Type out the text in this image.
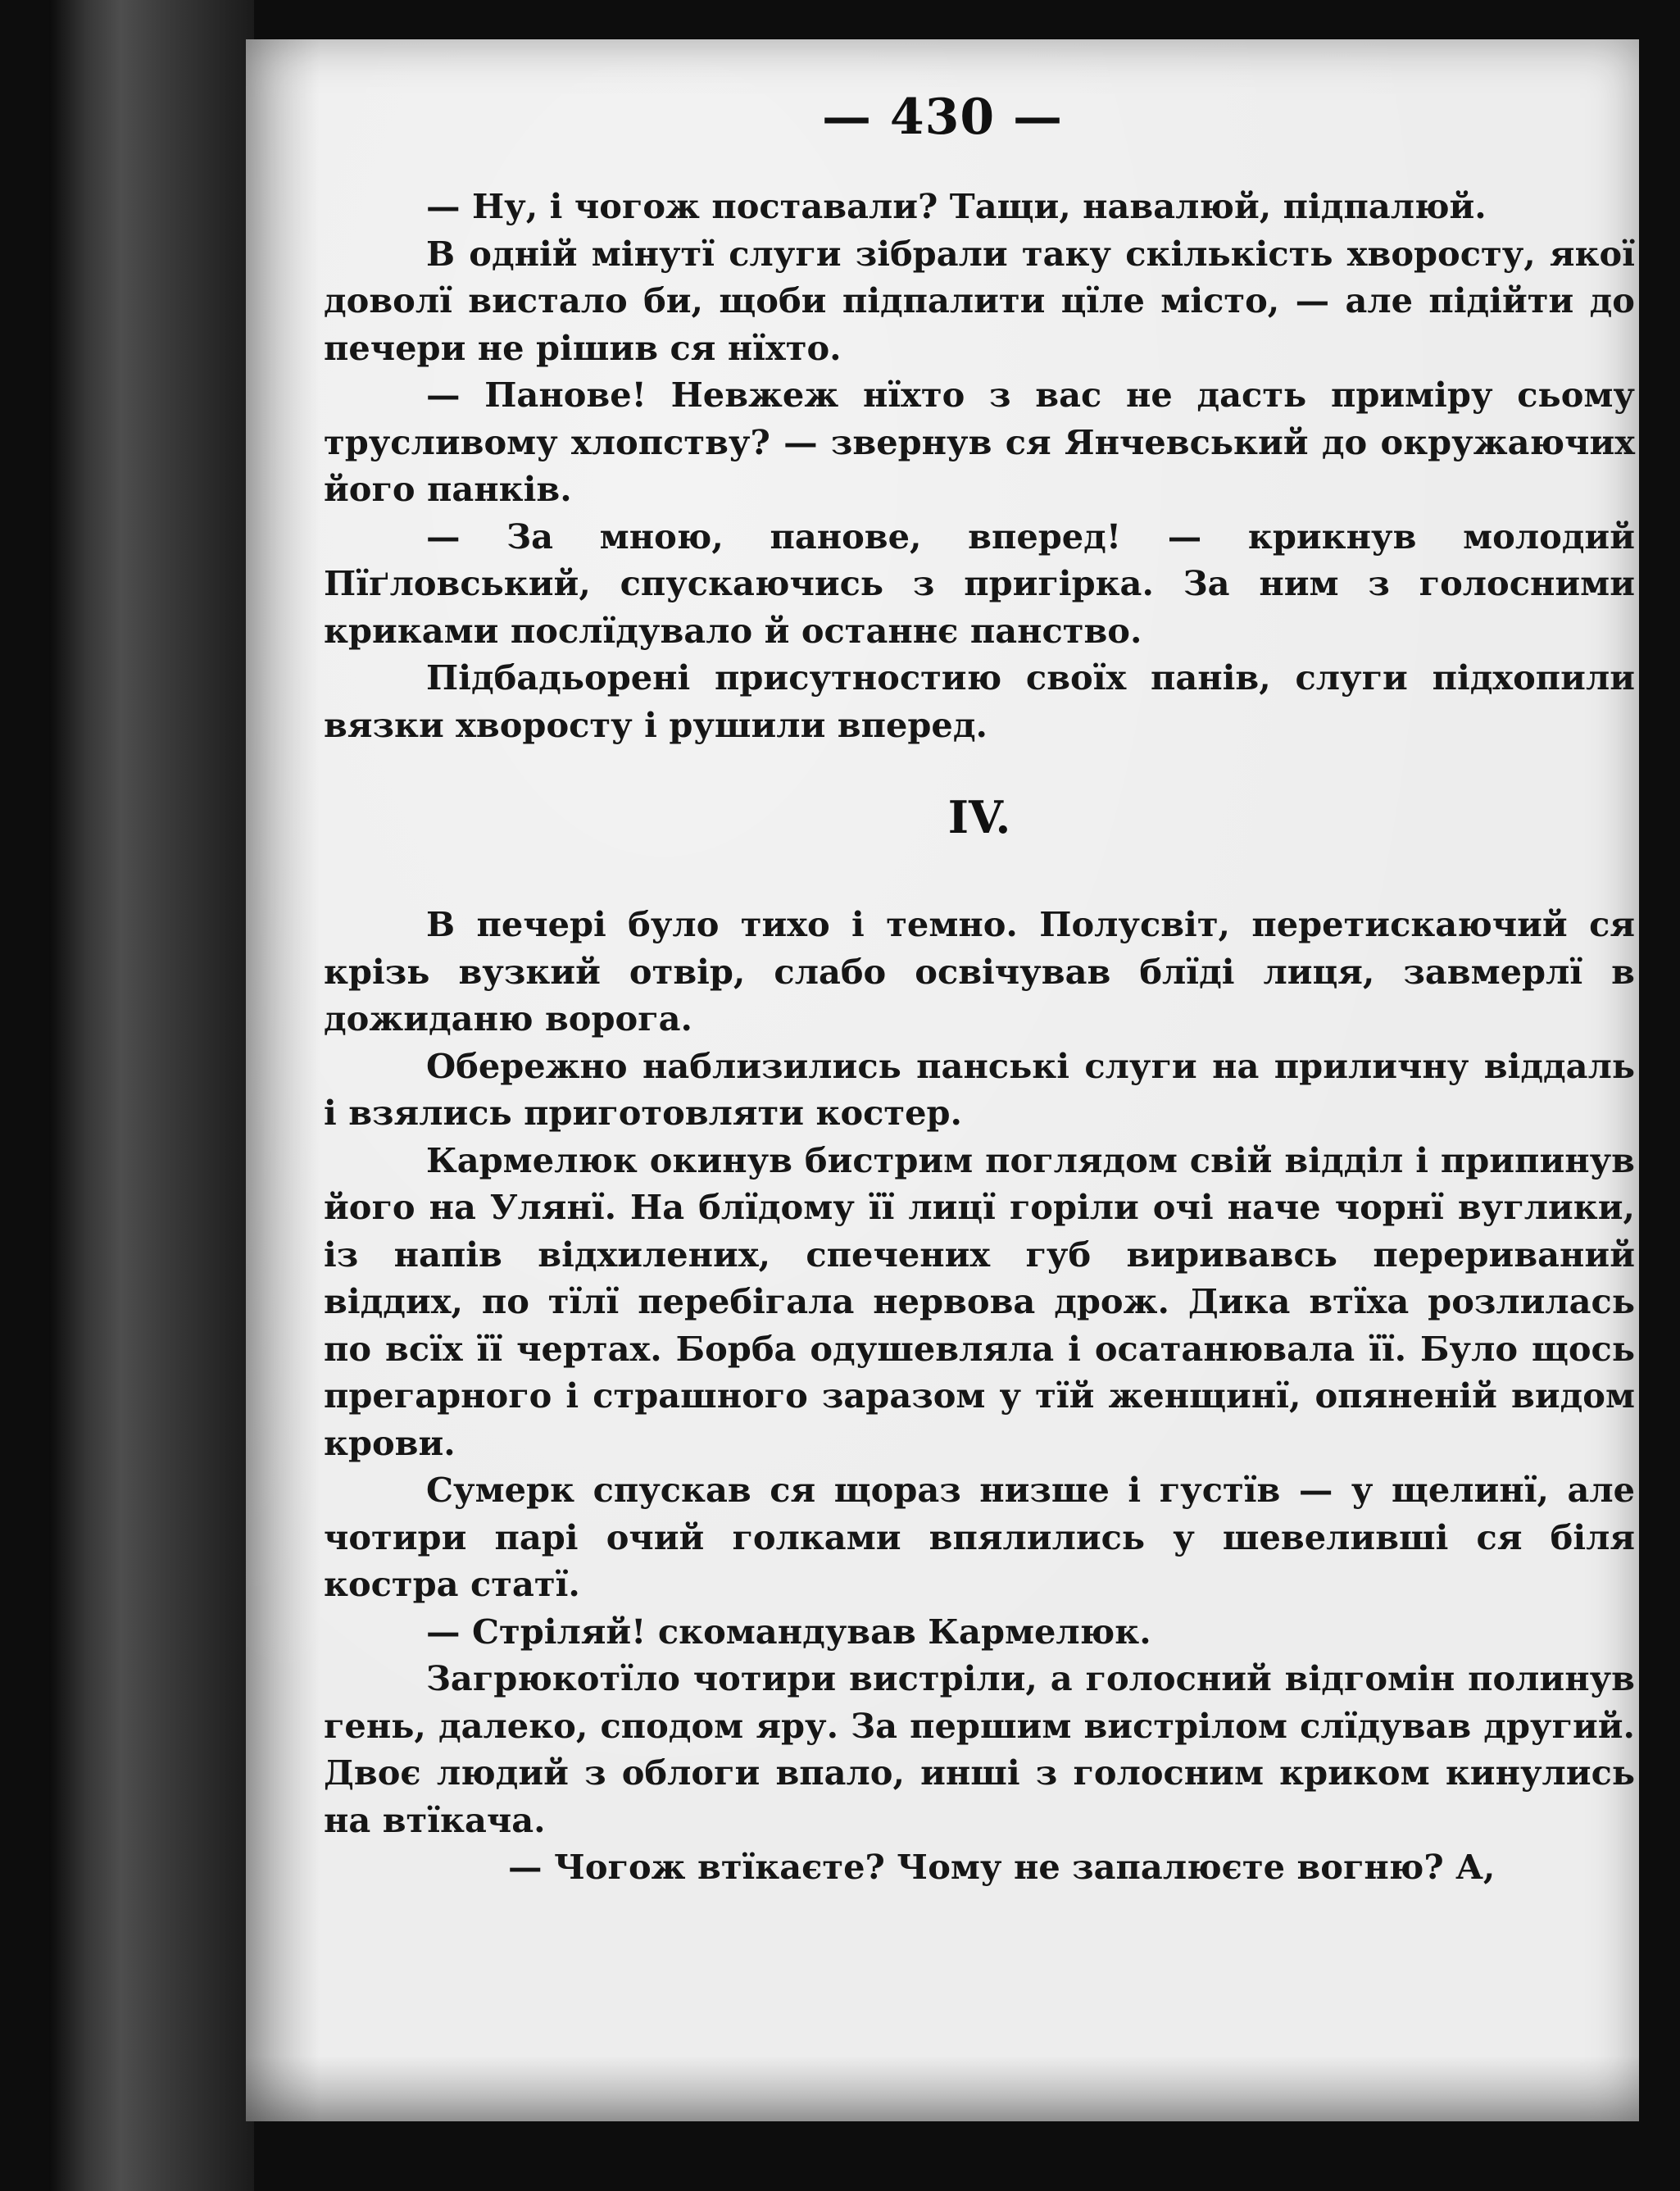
— 430 —

— Ну, і чогож поставали? Тащи, навалюй, підпалюй.

В одній мінутї слуги зібрали таку скількість хворосту, якої доволї вистало би, щоби підпалити цїле місто, — але підійти до печери не рішив ся нїхто.

— Панове! Невжеж нїхто з вас не дасть приміру сьому трусливому хлопству? — звернув ся Янчевський до окружаючих його панків.

— За мною, панове, вперед! — крикнув молодий Пїґловський, спускаючись з пригірка. За ним з голосними криками послїдувало й останнє панство.

Підбадьорені присутностию своїх панів, слуги підхопили вязки хворосту і рушили вперед.

IV.

В печері було тихо і темно. Полусвіт, перетискаючий ся крізь вузкий отвір, слабо освічував блїді лиця, завмерлї в дожиданю ворога.

Обережно наблизились панські слуги на приличну віддаль і взялись приготовляти костер.

Кармелюк окинув бистрим поглядом свій відділ і припинув його на Улянї. На блїдому її лицї горіли очі наче чорнї вуглики, із напів відхилених, спечених губ виривавсь перериваний віддих, по тїлї перебігала нервова дрож. Дика втїха розлилась по всїх її чертах. Борба одушевляла і осатанювала її. Було щось прегарного і страшного заразом у тїй женщинї, опяненій видом крови.

Сумерк спускав ся щораз низше і густїв — у щелинї, але чотири парі очий голками впялились у шевелившi ся біля костра статї.

— Стріляй! скомандував Кармелюк.

Загрюкотїло чотири вистріли, а голосний відгомін полинув гень, далеко, сподом яру. За першим вистрілом слїдував другий. Двоє людий з облоги впало, инші з голосним криком кинулись на втїкача.

— Чогож втїкаєте? Чому не запалюєте вогню? А,
